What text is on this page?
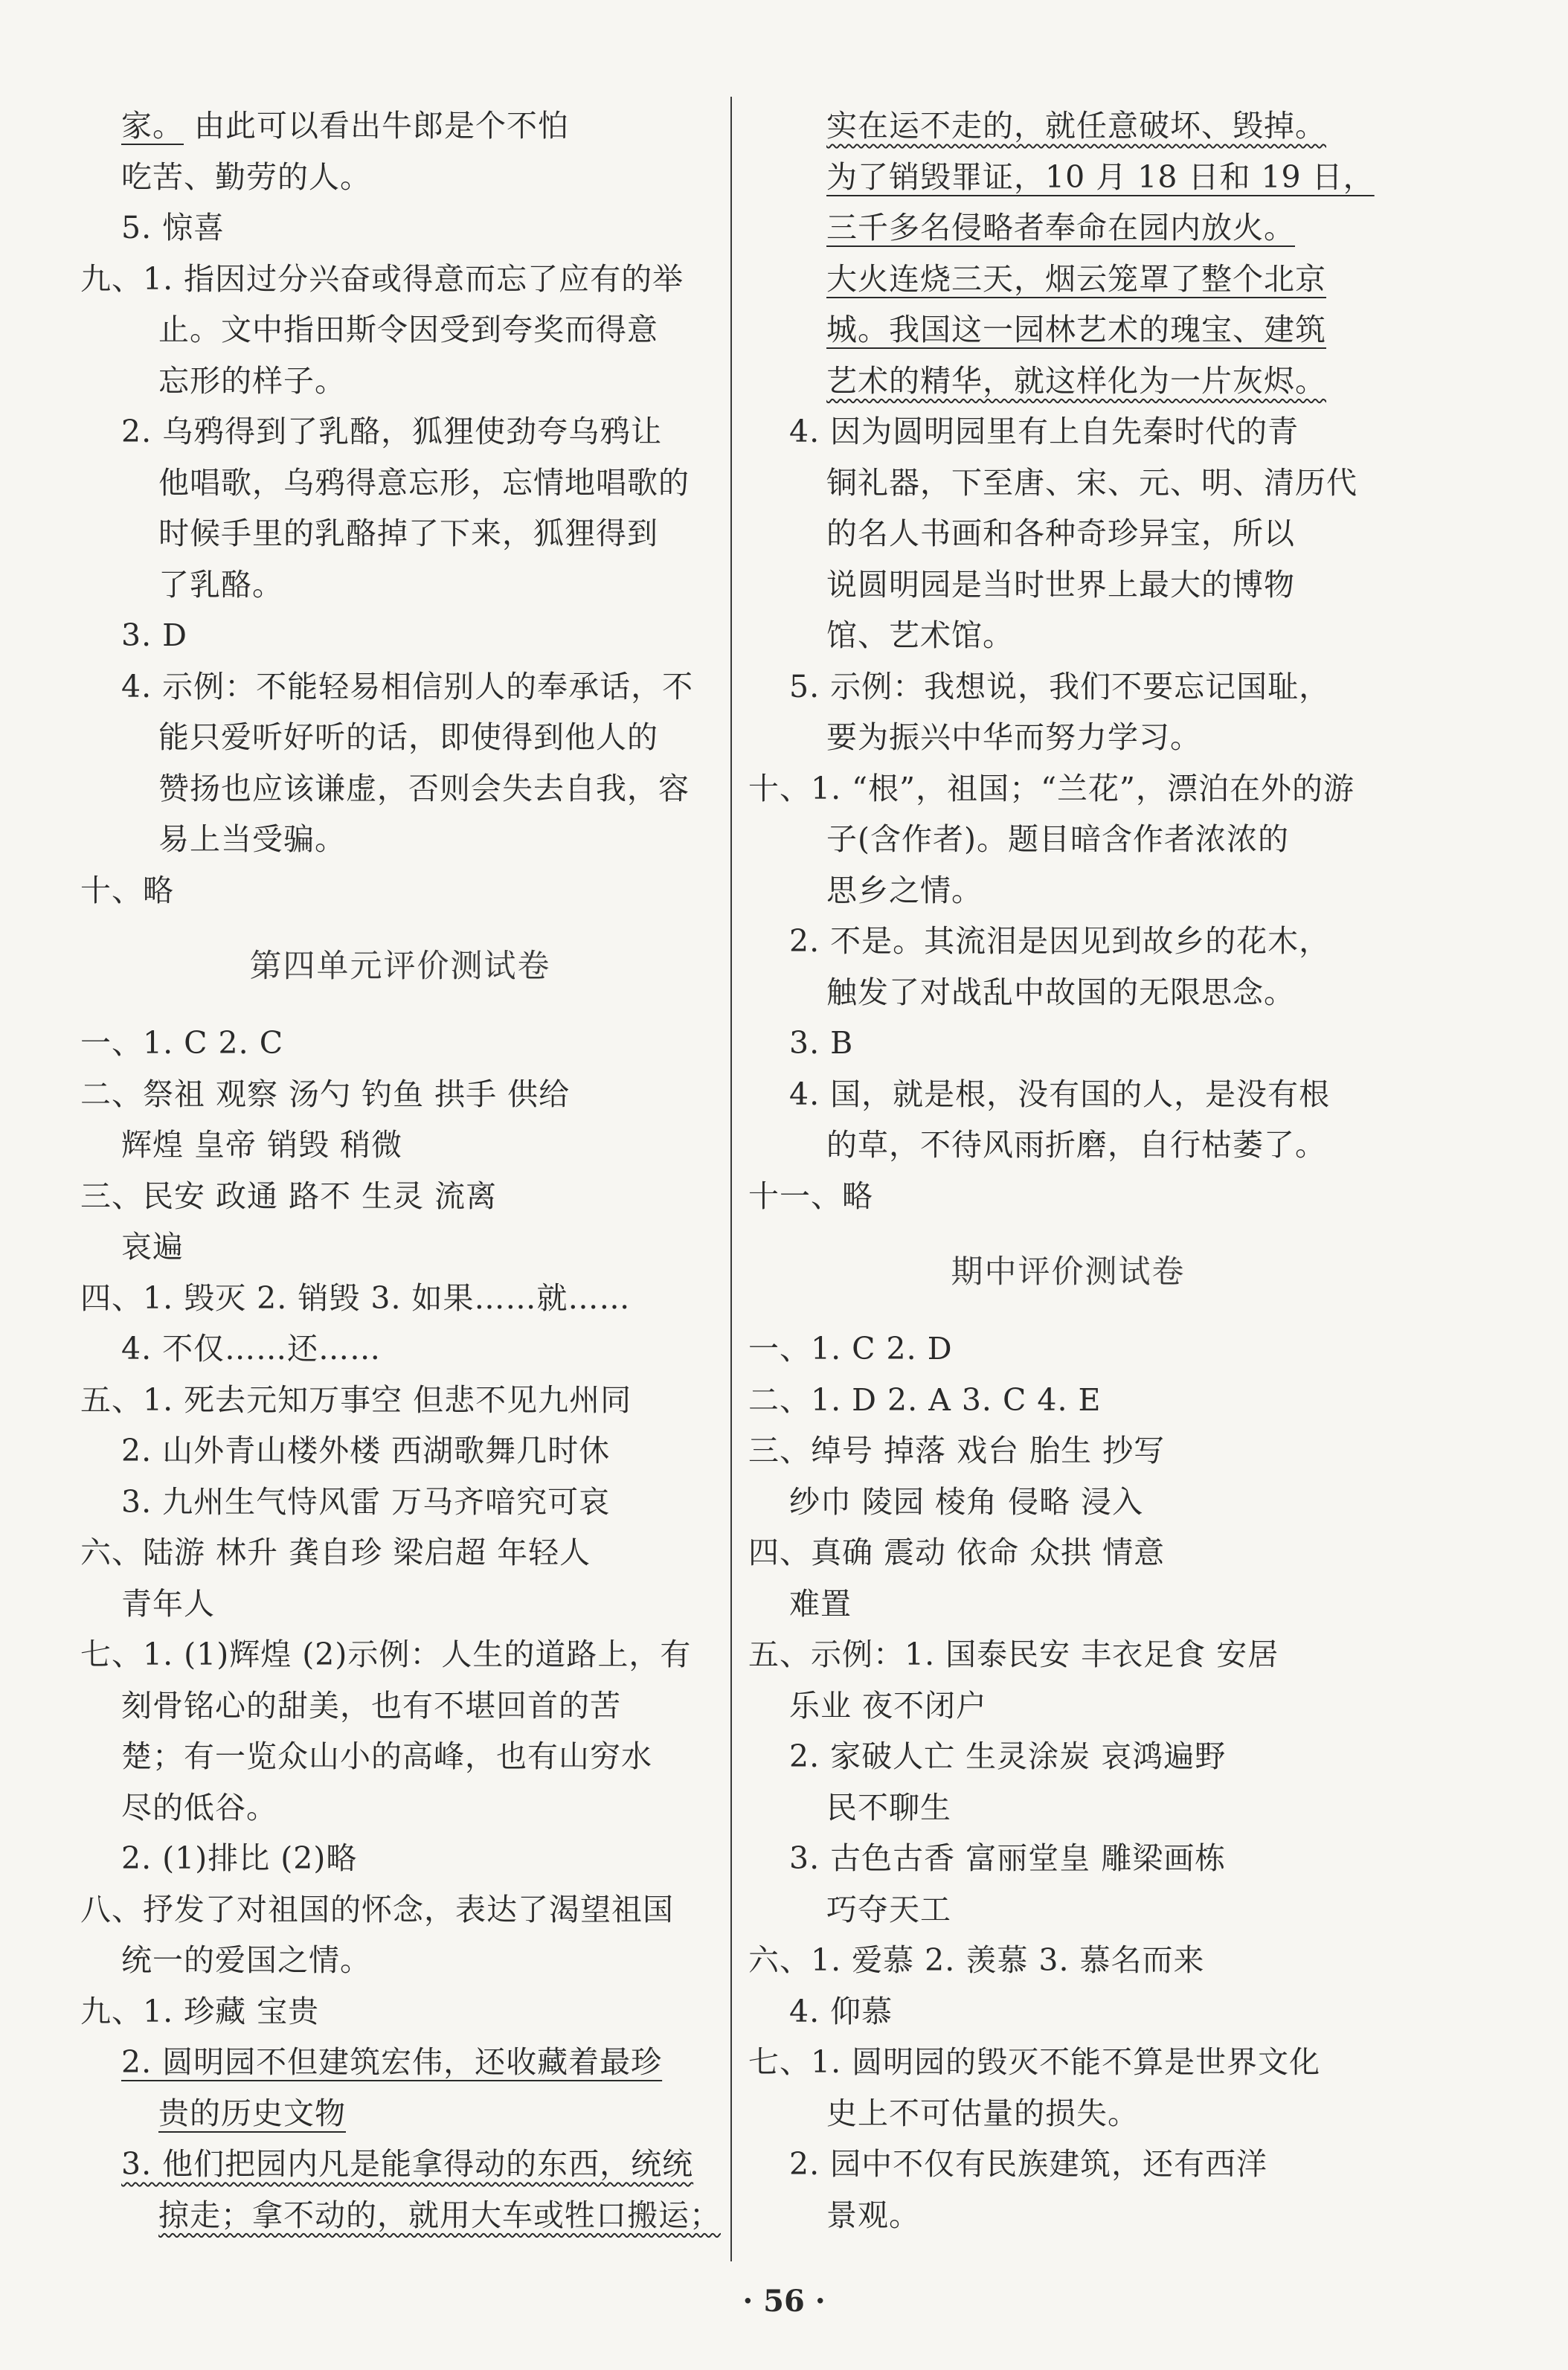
家。 由此可以看出牛郎是个不怕
吃苦、勤劳的人。
5. 惊喜
九、1. 指因过分兴奋或得意而忘了应有的举
止。文中指田斯令因受到夸奖而得意
忘形的样子。
2. 乌鸦得到了乳酪，狐狸使劲夸乌鸦让
他唱歌，乌鸦得意忘形，忘情地唱歌的
时候手里的乳酪掉了下来，狐狸得到
了乳酪。
3. D
4. 示例：不能轻易相信别人的奉承话，不
能只爱听好听的话，即使得到他人的
赞扬也应该谦虚，否则会失去自我，容
易上当受骗。
十、略
第四单元评价测试卷
一、1. C 2. C
二、祭祖 观察 汤勺 钓鱼 拱手 供给
辉煌 皇帝 销毁 稍微
三、民安 政通 路不 生灵 流离
哀遍
四、1. 毁灭 2. 销毁 3. 如果……就……
4. 不仅……还……
五、1. 死去元知万事空 但悲不见九州同
2. 山外青山楼外楼 西湖歌舞几时休
3. 九州生气恃风雷 万马齐喑究可哀
六、陆游 林升 龚自珍 梁启超 年轻人
青年人
七、1. (1)辉煌 (2)示例：人生的道路上，有
刻骨铭心的甜美，也有不堪回首的苦
楚；有一览众山小的高峰，也有山穷水
尽的低谷。
2. (1)排比 (2)略
八、抒发了对祖国的怀念，表达了渴望祖国
统一的爱国之情。
九、1. 珍藏 宝贵
2. 圆明园不但建筑宏伟，还收藏着最珍
贵的历史文物
3. 他们把园内凡是能拿得动的东西，统统
掠走；拿不动的，就用大车或牲口搬运；
实在运不走的，就任意破坏、毁掉。
为了销毁罪证，10 月 18 日和 19 日，
三千多名侵略者奉命在园内放火。
大火连烧三天，烟云笼罩了整个北京
城。我国这一园林艺术的瑰宝、建筑
艺术的精华，就这样化为一片灰烬。
4. 因为圆明园里有上自先秦时代的青
铜礼器，下至唐、宋、元、明、清历代
的名人书画和各种奇珍异宝，所以
说圆明园是当时世界上最大的博物
馆、艺术馆。
5. 示例：我想说，我们不要忘记国耻，
要为振兴中华而努力学习。
十、1. “根”，祖国；“兰花”，漂泊在外的游
子(含作者)。题目暗含作者浓浓的
思乡之情。
2. 不是。其流泪是因见到故乡的花木，
触发了对战乱中故国的无限思念。
3. B
4. 国，就是根，没有国的人，是没有根
的草，不待风雨折磨，自行枯萎了。
十一、略
期中评价测试卷
一、1. C 2. D
二、1. D 2. A 3. C 4. E
三、绰号 掉落 戏台 胎生 抄写
纱巾 陵园 棱角 侵略 浸入
四、真确 震动 依命 众拱 情意
难置
五、示例：1. 国泰民安 丰衣足食 安居
乐业 夜不闭户
2. 家破人亡 生灵涂炭 哀鸿遍野
民不聊生
3. 古色古香 富丽堂皇 雕梁画栋
巧夺天工
六、1. 爱慕 2. 羡慕 3. 慕名而来
4. 仰慕
七、1. 圆明园的毁灭不能不算是世界文化
史上不可估量的损失。
2. 园中不仅有民族建筑，还有西洋
景观。
· 56 ·
